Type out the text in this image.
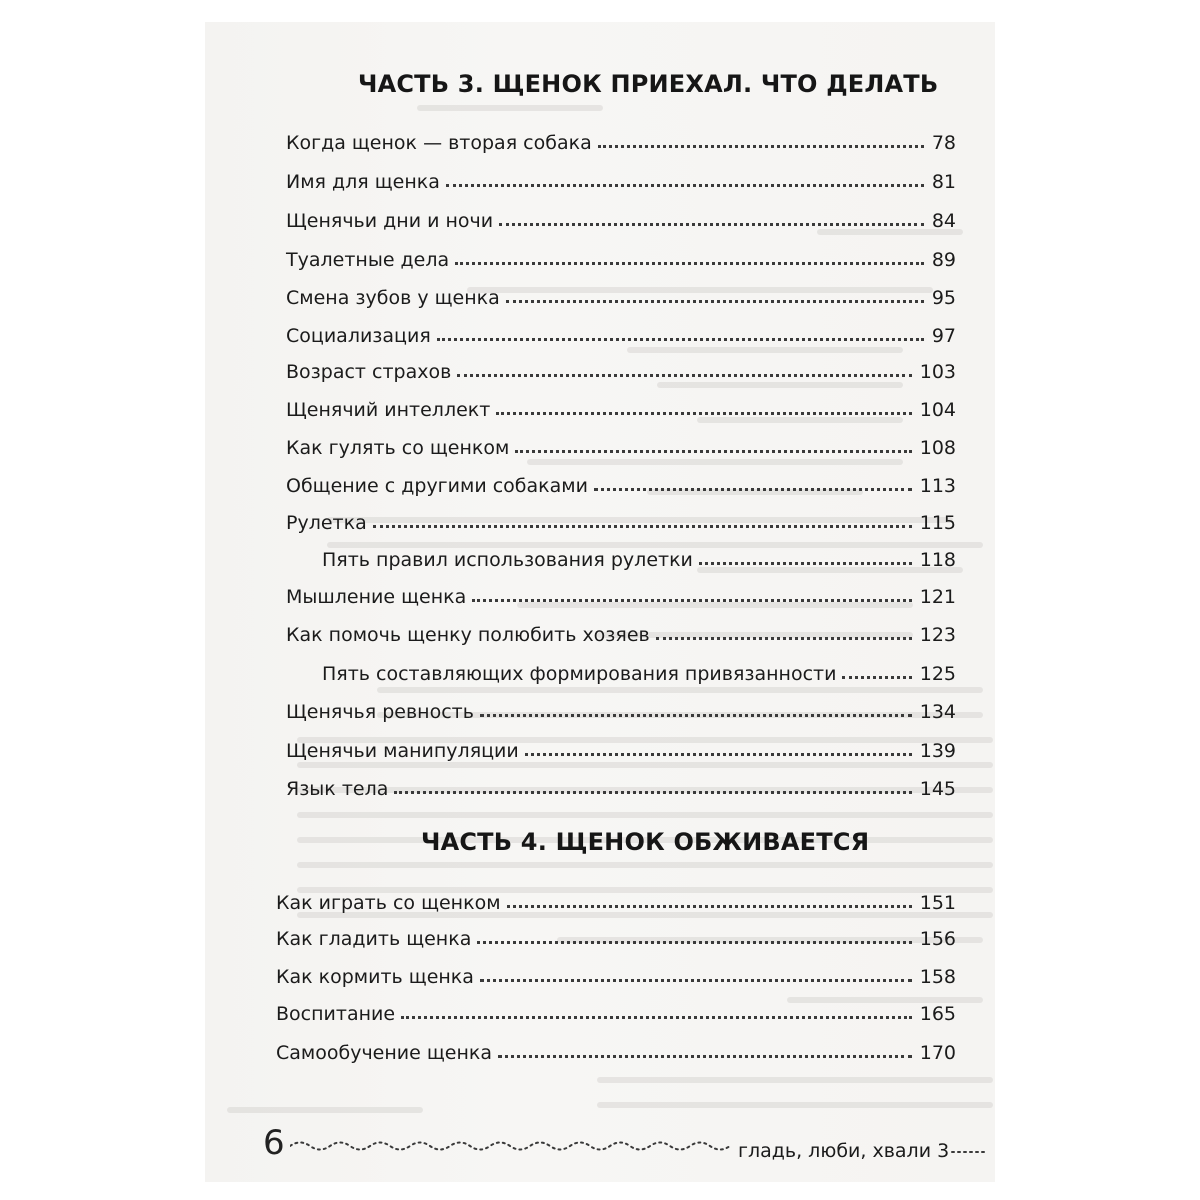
ЧАСТЬ 3. ЩЕНОК ПРИЕХАЛ. ЧТО ДЕЛАТЬ
Когда щенок — вторая собака	78
Имя для щенка	81
Щенячьи дни и ночи	84
Туалетные дела	89
Смена зубов у щенка	95
Социализация	97
Возраст страхов	103
Щенячий интеллект	104
Как гулять со щенком	108
Общение с другими собаками	113
Рулетка	115
Пять правил использования рулетки	118
Мышление щенка	121
Как помочь щенку полюбить хозяев	123
Пять составляющих формирования привязанности	125
Щенячья ревность	134
Щенячьи манипуляции	139
Язык тела	145
ЧАСТЬ 4. ЩЕНОК ОБЖИВАЕТСЯ
Как играть со щенком	151
Как гладить щенка	156
Как кормить щенка	158
Воспитание	165
Самообучение щенка	170
6	гладь, люби, хвали 3
